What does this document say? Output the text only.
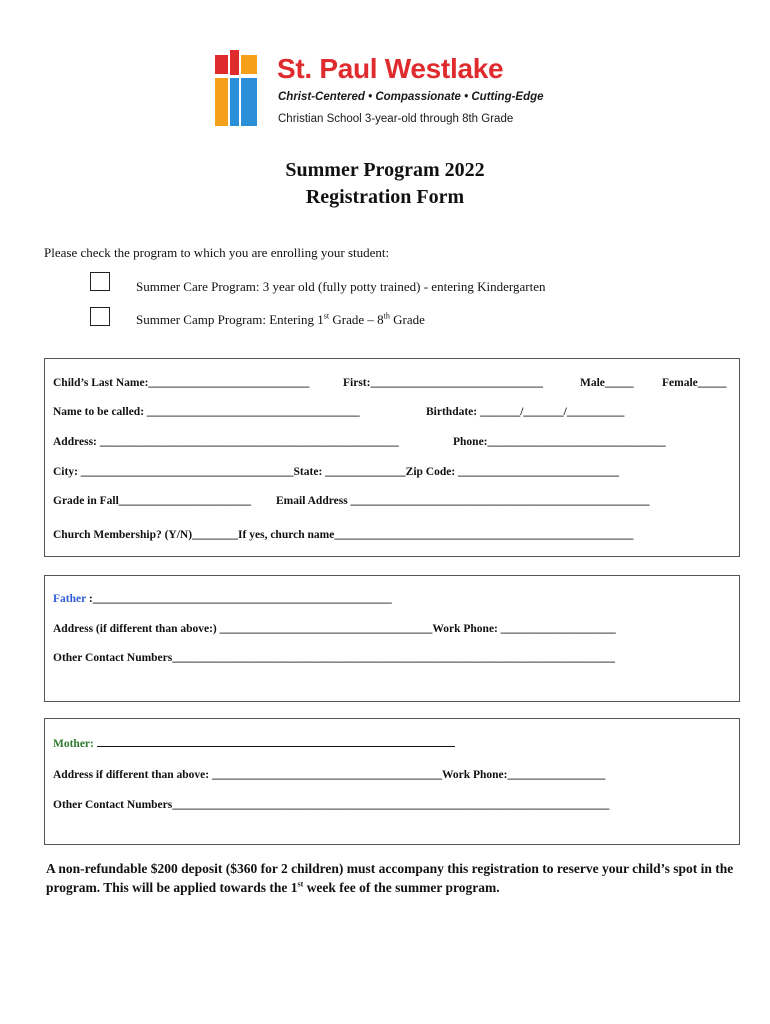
St. Paul Westlake
Christ-Centered • Compassionate • Cutting-Edge
Christian School 3-year-old through 8th Grade
Summer Program 2022
Registration Form
Please check the program to which you are enrolling your student:
Summer Care Program: 3 year old (fully potty trained) - entering Kindergarten
Summer Camp Program: Entering 1st Grade – 8th Grade
Child’s Last Name:____________________________	First:______________________________	Male_____ Female_____
Name to be called: _____________________________________	Birthdate: _______/_______/__________
Address: ____________________________________________________	Phone:_______________________________
City: _____________________________________State: ______________Zip Code: ____________________________
Grade in Fall_______________________ Email Address ____________________________________________________
Church Membership? (Y/N)________If yes, church name____________________________________________________
Father :____________________________________________________
Address (if different than above:) _____________________________________Work Phone: ____________________
Other Contact Numbers_____________________________________________________________________________
Mother:
Address if different than above: ________________________________________Work Phone:_________________
Other Contact Numbers____________________________________________________________________________
A non-refundable $200 deposit ($360 for 2 children) must accompany this registration to reserve your child’s spot in the program. This will be applied towards the 1st week fee of the summer program.
